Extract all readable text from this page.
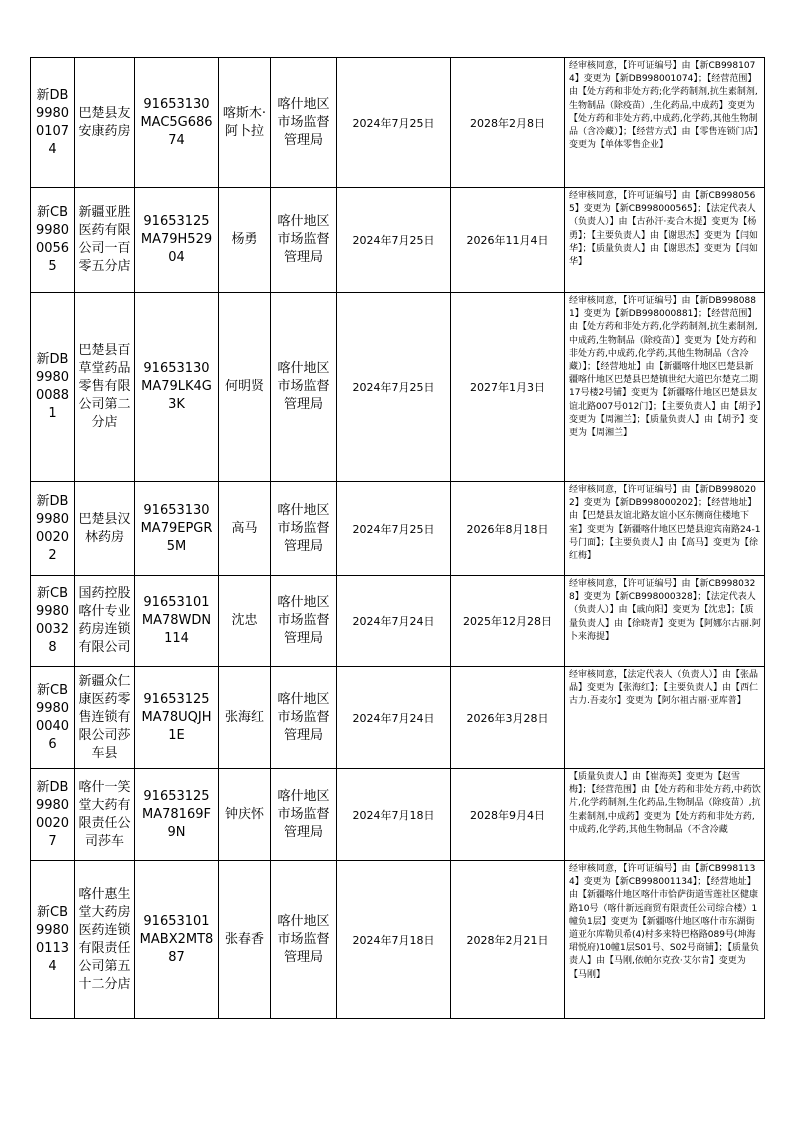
新DB99800107 4	巴楚县友安康药房	91653130MAC5G68674	喀斯木·阿卜拉	喀什地区市场监督管理局	2024年7月25日	2028年2月8日	经审核同意，【许可证编号】由【新CB9981074】变更为【新DB998001074】；【经营范围】由【处方药和非处方药;化学药制剂,抗生素制剂,生物制品（除疫苗）,生化药品,中成药】变更为【处方药和非处方药,中成药,化学药,其他生物制品（含冷藏）】；【经营方式】由【零售连锁门店】变更为【单体零售企业】

新CB99800056 5	新疆亚胜医药有限公司一百零五分店	91653125MA79H52904	杨勇	喀什地区市场监督管理局	2024年7月25日	2026年11月4日	经审核同意，【许可证编号】由【新CB9980565】变更为【新CB998000565】；【法定代表人（负责人）】由【古孙汗·麦合木提】变更为【杨勇】；【主要负责人】由【谢思杰】变更为【闫如华】；【质量负责人】由【谢思杰】变更为【闫如华】

新DB99800088 1	巴楚县百草堂药品零售有限公司第二分店	91653130MA79LK4G3K	何明贤	喀什地区市场监督管理局	2024年7月25日	2027年1月3日	经审核同意，【许可证编号】由【新DB9980881】变更为【新DB998000881】；【经营范围】由【处方药和非处方药,化学药制剂,抗生素制剂,中成药,生物制品（除疫苗）】变更为【处方药和非处方药,中成药,化学药,其他生物制品（含冷藏）】；【经营地址】由【新疆喀什地区巴楚县新疆喀什地区巴楚县巴楚镇世纪大道巴尔楚克二期17号楼2号铺】变更为【新疆喀什地区巴楚县友谊北路007号012门】；【主要负责人】由【胡予】变更为【周湘兰】；【质量负责人】由【胡予】变更为【周湘兰】

新DB99800020 2	巴楚县汉林药房	91653130MA79EPGR5M	高马	喀什地区市场监督管理局	2024年7月25日	2026年8月18日	经审核同意，【许可证编号】由【新DB9980202】变更为【新DB998000202】；【经营地址】由【巴楚县友谊北路友谊小区东侧商住楼地下室】变更为【新疆喀什地区巴楚县迎宾南路24-1号门面】；【主要负责人】由【高马】变更为【徐红梅】

新CB99800032 8	国药控股喀什专业药房连锁有限公司	91653101MA78WDN114	沈忠	喀什地区市场监督管理局	2024年7月24日	2025年12月28日	经审核同意，【许可证编号】由【新CB9980328】变更为【新CB998000328】；【法定代表人（负责人）】由【戚向阳】变更为【沈忠】；【质量负责人】由【徐晓青】变更为【阿娜尔古丽.阿卜来海提】

新CB99800040 6	新疆众仁康医药零售连锁有限公司莎车县	91653125MA78UQJH1E	张海红	喀什地区市场监督管理局	2024年7月24日	2026年3月28日	经审核同意，【法定代表人（负责人）】由【张晶晶】变更为【张海红】；【主要负责人】由【西仁古力.吾麦尔】变更为【阿尔祖古丽·亚库普】

新DB99800020 7	喀什一笑堂大药有限责任公司莎车	91653125MA78169F9N	钟庆怀	喀什地区市场监督管理局	2024年7月18日	2028年9月4日	【质量负责人】由【崔海英】变更为【赵雪梅】；【经营范围】由【处方药和非处方药,中药饮片,化学药制剂,生化药品,生物制品（除疫苗）,抗生素制剂,中成药】变更为【处方药和非处方药,中成药,化学药,其他生物制品（不含冷藏

新CB99800113 4	喀什惠生堂大药房医药连锁有限责任公司第五十二分店	91653101MABX2MT887	张春香	喀什地区市场监督管理局	2024年7月18日	2028年2月21日	经审核同意，【许可证编号】由【新CB9981134】变更为【新CB998001134】；【经营地址】由【新疆喀什地区喀什市恰萨街道雪莲社区健康路10号（喀什新远商贸有限责任公司综合楼）1幢负1层】变更为【新疆喀什地区喀什市东湖街道亚尔库勒贝希(4)村多来特巴格路089号(坤海珺悦府)10幢1层S01号、S02号商铺】；【质量负责人】由【马刚,依帕尔克孜·艾尔肯】变更为【马刚】
